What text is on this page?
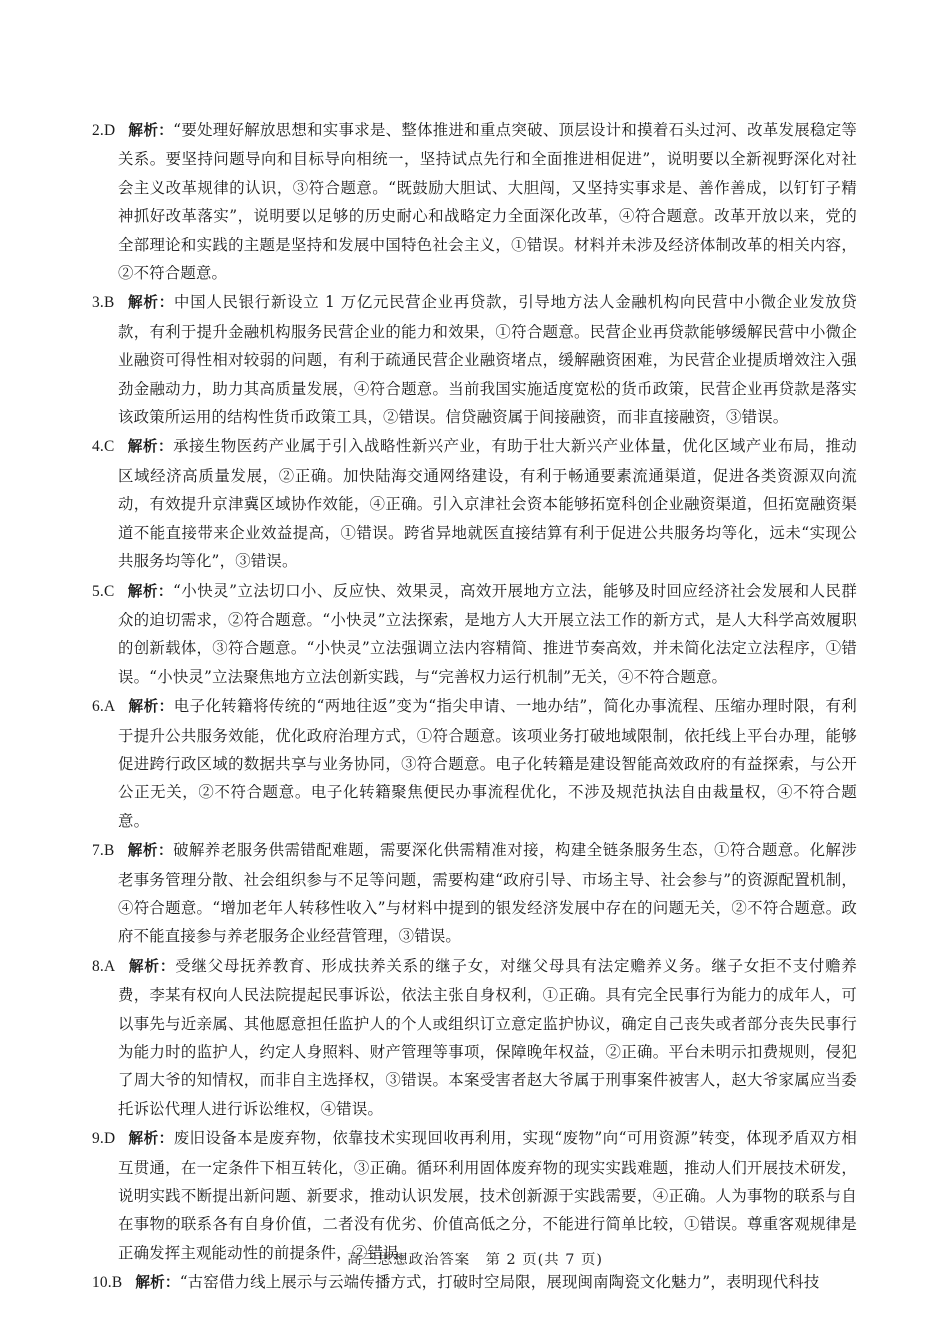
2.D 解析：“要处理好解放思想和实事求是、整体推进和重点突破、顶层设计和摸着石头过河、改革发展稳定等关系。要坚持问题导向和目标导向相统一，坚持试点先行和全面推进相促进”，说明要以全新视野深化对社会主义改革规律的认识，③符合题意。“既鼓励大胆试、大胆闯，又坚持实事求是、善作善成，以钉钉子精神抓好改革落实”，说明要以足够的历史耐心和战略定力全面深化改革，④符合题意。改革开放以来，党的全部理论和实践的主题是坚持和发展中国特色社会主义，①错误。材料并未涉及经济体制改革的相关内容，②不符合题意。

3.B 解析：中国人民银行新设立 1 万亿元民营企业再贷款，引导地方法人金融机构向民营中小微企业发放贷款，有利于提升金融机构服务民营企业的能力和效果，①符合题意。民营企业再贷款能够缓解民营中小微企业融资可得性相对较弱的问题，有利于疏通民营企业融资堵点，缓解融资困难，为民营企业提质增效注入强劲金融动力，助力其高质量发展，④符合题意。当前我国实施适度宽松的货币政策，民营企业再贷款是落实该政策所运用的结构性货币政策工具，②错误。信贷融资属于间接融资，而非直接融资，③错误。

4.C 解析：承接生物医药产业属于引入战略性新兴产业，有助于壮大新兴产业体量，优化区域产业布局，推动区域经济高质量发展，②正确。加快陆海交通网络建设，有利于畅通要素流通渠道，促进各类资源双向流动，有效提升京津冀区域协作效能，④正确。引入京津社会资本能够拓宽科创企业融资渠道，但拓宽融资渠道不能直接带来企业效益提高，①错误。跨省异地就医直接结算有利于促进公共服务均等化，远未“实现公共服务均等化”，③错误。

5.C 解析：“小快灵”立法切口小、反应快、效果灵，高效开展地方立法，能够及时回应经济社会发展和人民群众的迫切需求，②符合题意。“小快灵”立法探索，是地方人大开展立法工作的新方式，是人大科学高效履职的创新载体，③符合题意。“小快灵”立法强调立法内容精简、推进节奏高效，并未简化法定立法程序，①错误。“小快灵”立法聚焦地方立法创新实践，与“完善权力运行机制”无关，④不符合题意。

6.A 解析：电子化转籍将传统的“两地往返”变为“指尖申请、一地办结”，简化办事流程、压缩办理时限，有利于提升公共服务效能，优化政府治理方式，①符合题意。该项业务打破地域限制，依托线上平台办理，能够促进跨行政区域的数据共享与业务协同，③符合题意。电子化转籍是建设智能高效政府的有益探索，与公开公正无关，②不符合题意。电子化转籍聚焦便民办事流程优化，不涉及规范执法自由裁量权，④不符合题意。

7.B 解析：破解养老服务供需错配难题，需要深化供需精准对接，构建全链条服务生态，①符合题意。化解涉老事务管理分散、社会组织参与不足等问题，需要构建“政府引导、市场主导、社会参与”的资源配置机制，④符合题意。“增加老年人转移性收入”与材料中提到的银发经济发展中存在的问题无关，②不符合题意。政府不能直接参与养老服务企业经营管理，③错误。

8.A 解析：受继父母抚养教育、形成扶养关系的继子女，对继父母具有法定赡养义务。继子女拒不支付赡养费，李某有权向人民法院提起民事诉讼，依法主张自身权利，①正确。具有完全民事行为能力的成年人，可以事先与近亲属、其他愿意担任监护人的个人或组织订立意定监护协议，确定自己丧失或者部分丧失民事行为能力时的监护人，约定人身照料、财产管理等事项，保障晚年权益，②正确。平台未明示扣费规则，侵犯了周大爷的知情权，而非自主选择权，③错误。本案受害者赵大爷属于刑事案件被害人，赵大爷家属应当委托诉讼代理人进行诉讼维权，④错误。

9.D 解析：废旧设备本是废弃物，依靠技术实现回收再利用，实现“废物”向“可用资源”转变，体现矛盾双方相互贯通，在一定条件下相互转化，③正确。循环利用固体废弃物的现实实践难题，推动人们开展技术研发，说明实践不断提出新问题、新要求，推动认识发展，技术创新源于实践需要，④正确。人为事物的联系与自在事物的联系各有自身价值，二者没有优劣、价值高低之分，不能进行简单比较，①错误。尊重客观规律是正确发挥主观能动性的前提条件，②错误。

10.B 解析：“古窑借力线上展示与云端传播方式，打破时空局限，展现闽南陶瓷文化魅力”，表明现代科技

高三思想政治答案　第 2 页(共 7 页)
